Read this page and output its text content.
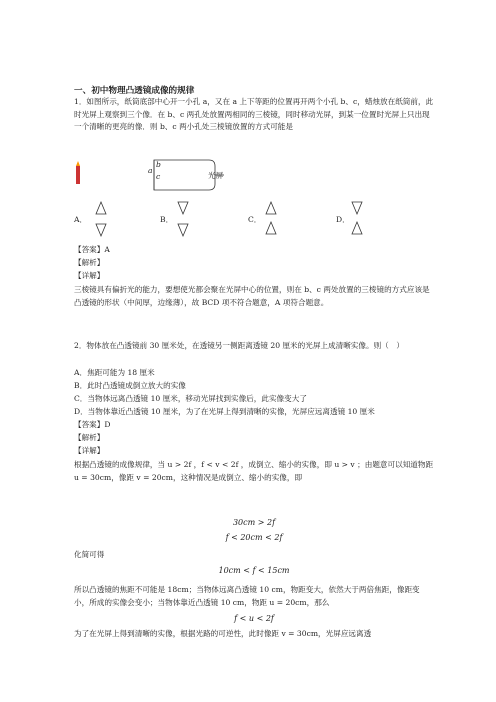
一、初中物理凸透镜成像的规律
1．如图所示，纸筒底部中心开一小孔 a，又在 a 上下等距的位置再开两个小孔 b、c，蜡烛放在纸筒前，此时光屏上观察到三个像．在 b、c 两孔处放置两相同的三棱镜，同时移动光屏，到某一位置时光屏上只出现一个清晰的更亮的像．则 b、c 两小孔处三棱镜放置的方式可能是
a
b
c	光屏
A．	B．	C．	D．
【答案】A
【解析】
【详解】
三棱镜具有偏折光的能力，要想使光都会聚在光屏中心的位置，则在 b、c 两处放置的三棱镜的方式应该是凸透镜的形状（中间厚，边缘薄），故 BCD 项不符合题意，A 项符合题意。
2．物体放在凸透镜前 30 厘米处，在透镜另一侧距离透镜 20 厘米的光屏上成清晰实像。则（　）
A．焦距可能为 18 厘米
B．此时凸透镜成倒立放大的实像
C．当物体远离凸透镜 10 厘米，移动光屏找到实像后，此实像变大了
D．当物体靠近凸透镜 10 厘米，为了在光屏上得到清晰的实像，光屏应远离透镜 10 厘米
【答案】D
【解析】
【详解】
根据凸透镜的成像规律，当 u > 2f ，f < v < 2f ，成倒立、缩小的实像，即 u > v ；由题意可以知道物距 u = 30cm，像距 v = 20cm，这种情况是成倒立、缩小的实像，即
30cm > 2f
f < 20cm < 2f
化简可得
10cm < f < 15cm
所以凸透镜的焦距不可能是 18cm；当物体远离凸透镜 10 cm，物距变大，依然大于两倍焦距，像距变小，所成的实像会变小；当物体靠近凸透镜 10 cm，物距 u = 20cm，那么
f < u < 2f
为了在光屏上得到清晰的实像，根据光路的可逆性，此时像距 v = 30cm，光屏应远离透
